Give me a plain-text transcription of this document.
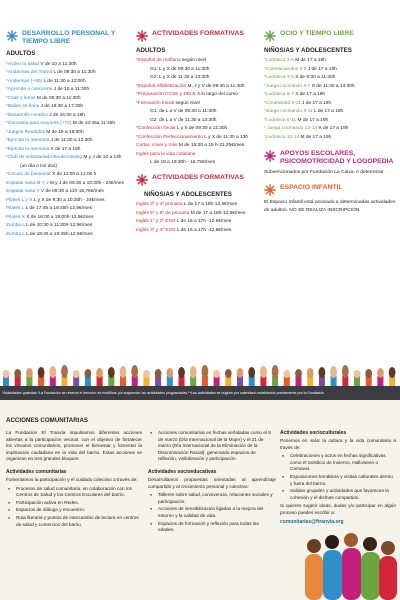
DESARROLLO PERSONAL Y TIEMPO LIBRE
ADULTOS
*Activo tu salud V de 10 a 11:30h
*Andarinas del Tramá L de 09:30 a 11:30h
*Andarinas (+80) L de 11:30 a 12:00h
*Aprende a conocerte J de 10 a 11:30h
*Citas y letras M de 09:30 a 11:30h
*Bailes en línea J de 16:30 a 17:30h
*Desarrollo creativo J de 16:30 a 18h
*Gimnasia para mayores (+70) M de 10:45a 11:45h
*Juegos Reunidos M de 18 a 19:30h
*Ejercita tu memoria J de 11:30 a 13:30h
*Ejercita tu memoria X de 17 a 19h
*Club de voluntariado Bookcrossing M y J de 10 a 13h
(un día o los dos)
*Círculo de bienestar X de 11:00 a 12:00 h
Espalda sana M Y J M y J de 09:30 a 10:30h - 24€/mes
Espalda sana V V de 09:30 a 11h-18,75€/mes
Pilates L y X L y X de 9:30 a 10:30h - 24€/mes
Pilates L L de 17:45 a 18:45h-12,5€/mes
Pilates X X de 18:00 a 19:00h-12,5€/mes
Zumba L L de 10:30 a 11:30h-12,5€/mes
Zumba L L de 18:45 a 19:45h-12,5€/mes
ACTIVIDADES FORMATIVAS
ADULTOS
*Español de mañana según nivel
G1: L y X de 09:30 a 11:30h
G2: L y X de 11:30 a 13:30h
*Español Alfabetización M, J y V de 09:30 a 11:30h
*Preparación CCSE y DELE A lo largo del curso
*Formación Inicial según nivel
G1: de L a V de 09:30 a 11:30h
G2: de L a V de 11:30 a 13:30h
*Confección Inicial L y X de 09:30 a 11:30h
*Confección Perfeccionamiento L y X de 11:30 a 13h
Cortar, coser y más M de 16:30 a 19 h-31,25€/mes
Inglés para la vida cotidiana
L de 18 a 19:30h - 18,75€/mes
ACTIVIDADES FORMATIVAS
NIÑOS/AS Y ADOLESCENTES
Inglés 3º y 4º primaria L de 17 a 18h-12,5€/mes
Inglés 5º y 6º de primaria M de 17 a 18h-12,5€/mes
Inglés 1º y 2º ESO L de 16 a 17h -12,5€/mes
Inglés 3º y 4º ESO L de 16 a 17h -12,5€/mes
OCIO Y TIEMPO LIBRE
NIÑOS/AS Y ADOLESCENTES
*Ludoteca 3-5 M de 17 a 19h
*Cuentacuentos 3-5 J de 17 a 19h
*Ludoteca 3-5 S de 9:30 a 11:30h
*Juega cocinando 6-7 S de 11:30 a 13:30h
*Ludoteca 6-7 X de 17 a 19h
*Creatividad 8-11 J de 17 a 19h
*Juega cocinando 8-11 L de 17 a 19h
*Ludoteca 8-11 M de 17 a 19h
* Juega cocinando 12-14 X de 17 a 19h
*Ludoteca 12-14 M de 17 a 19h
APOYOS ESCOLARES, PSICOMOTRICIDAD Y LOGOPEDIA
Subvencionados por Fundación La Caixa. A determinar.
ESPACIO INFANTIL
El Espacio Infantil está asociado a determinadas actividades de adultos. NO SE REALIZA INSCRIPCIÓN
*Actividades gratuitas *La Fundación se reserva el derecho de modificar y/o suspender las actividades programadas **Las actividades se regirán por calendario establecido previamente por la Fundación
ACCIONES COMUNITARIAS
La Fundación El Tranvía impulsamos diferentes acciones abiertas a la participación vecinal, con el objetivo de fortalecer los vínculos comunitarios, promover el bienestar y fomentar la implicación ciudadana en la vida del barrio. Estas acciones se organizan en tres grandes bloques:
Actividades comunitarias
Fomentamos la participación y el cuidado colectivo a través de:
● Procesos de salud comunitaria, en colaboración con los Centros de Salud y los Centros Escolares del barrio.
● Participación activa en Redes.
● Espacios de diálogo y encuentro.
● Ruta literaria y puntos de intercambio de lectura en centros de salud y comercios del barrio.
● Acciones comunitarias en fechas señaladas como el 8 de marzo (Día Internacional de la Mujer) y el 21 de marzo (Día Internacional de la Eliminación de la Discriminación Racial), generando espacios de reflexión, visibilización y participación.
Actividades socioeducativas
Desarrollamos propuestas orientadas al aprendizaje compartido y al crecimiento personal y colectivo:
● Talleres sobre salud, convivencia, relaciones sociales y participación.
● Acciones de sensibilización ligadas a la mejora del entorno y la calidad de vida.
● Espacios de formación y reflexión para todas las edades.
Actividades socioculturales
Ponemos en valor la cultura y la vida comunitaria a través de:
● Celebraciones y actos en fechas significativas como el Solsticio de Invierno, Halloween o Carnaval.
● Exposiciones temáticas y visitas culturales dentro y fuera del barrio.
● Salidas grupales y actividades que favorecen la cohesión y el disfrute compartido.
Si quieres sugerir ideas, dudas y/o participar en algún proceso puedes escribir a:
comunitarias@ftranvia.org
